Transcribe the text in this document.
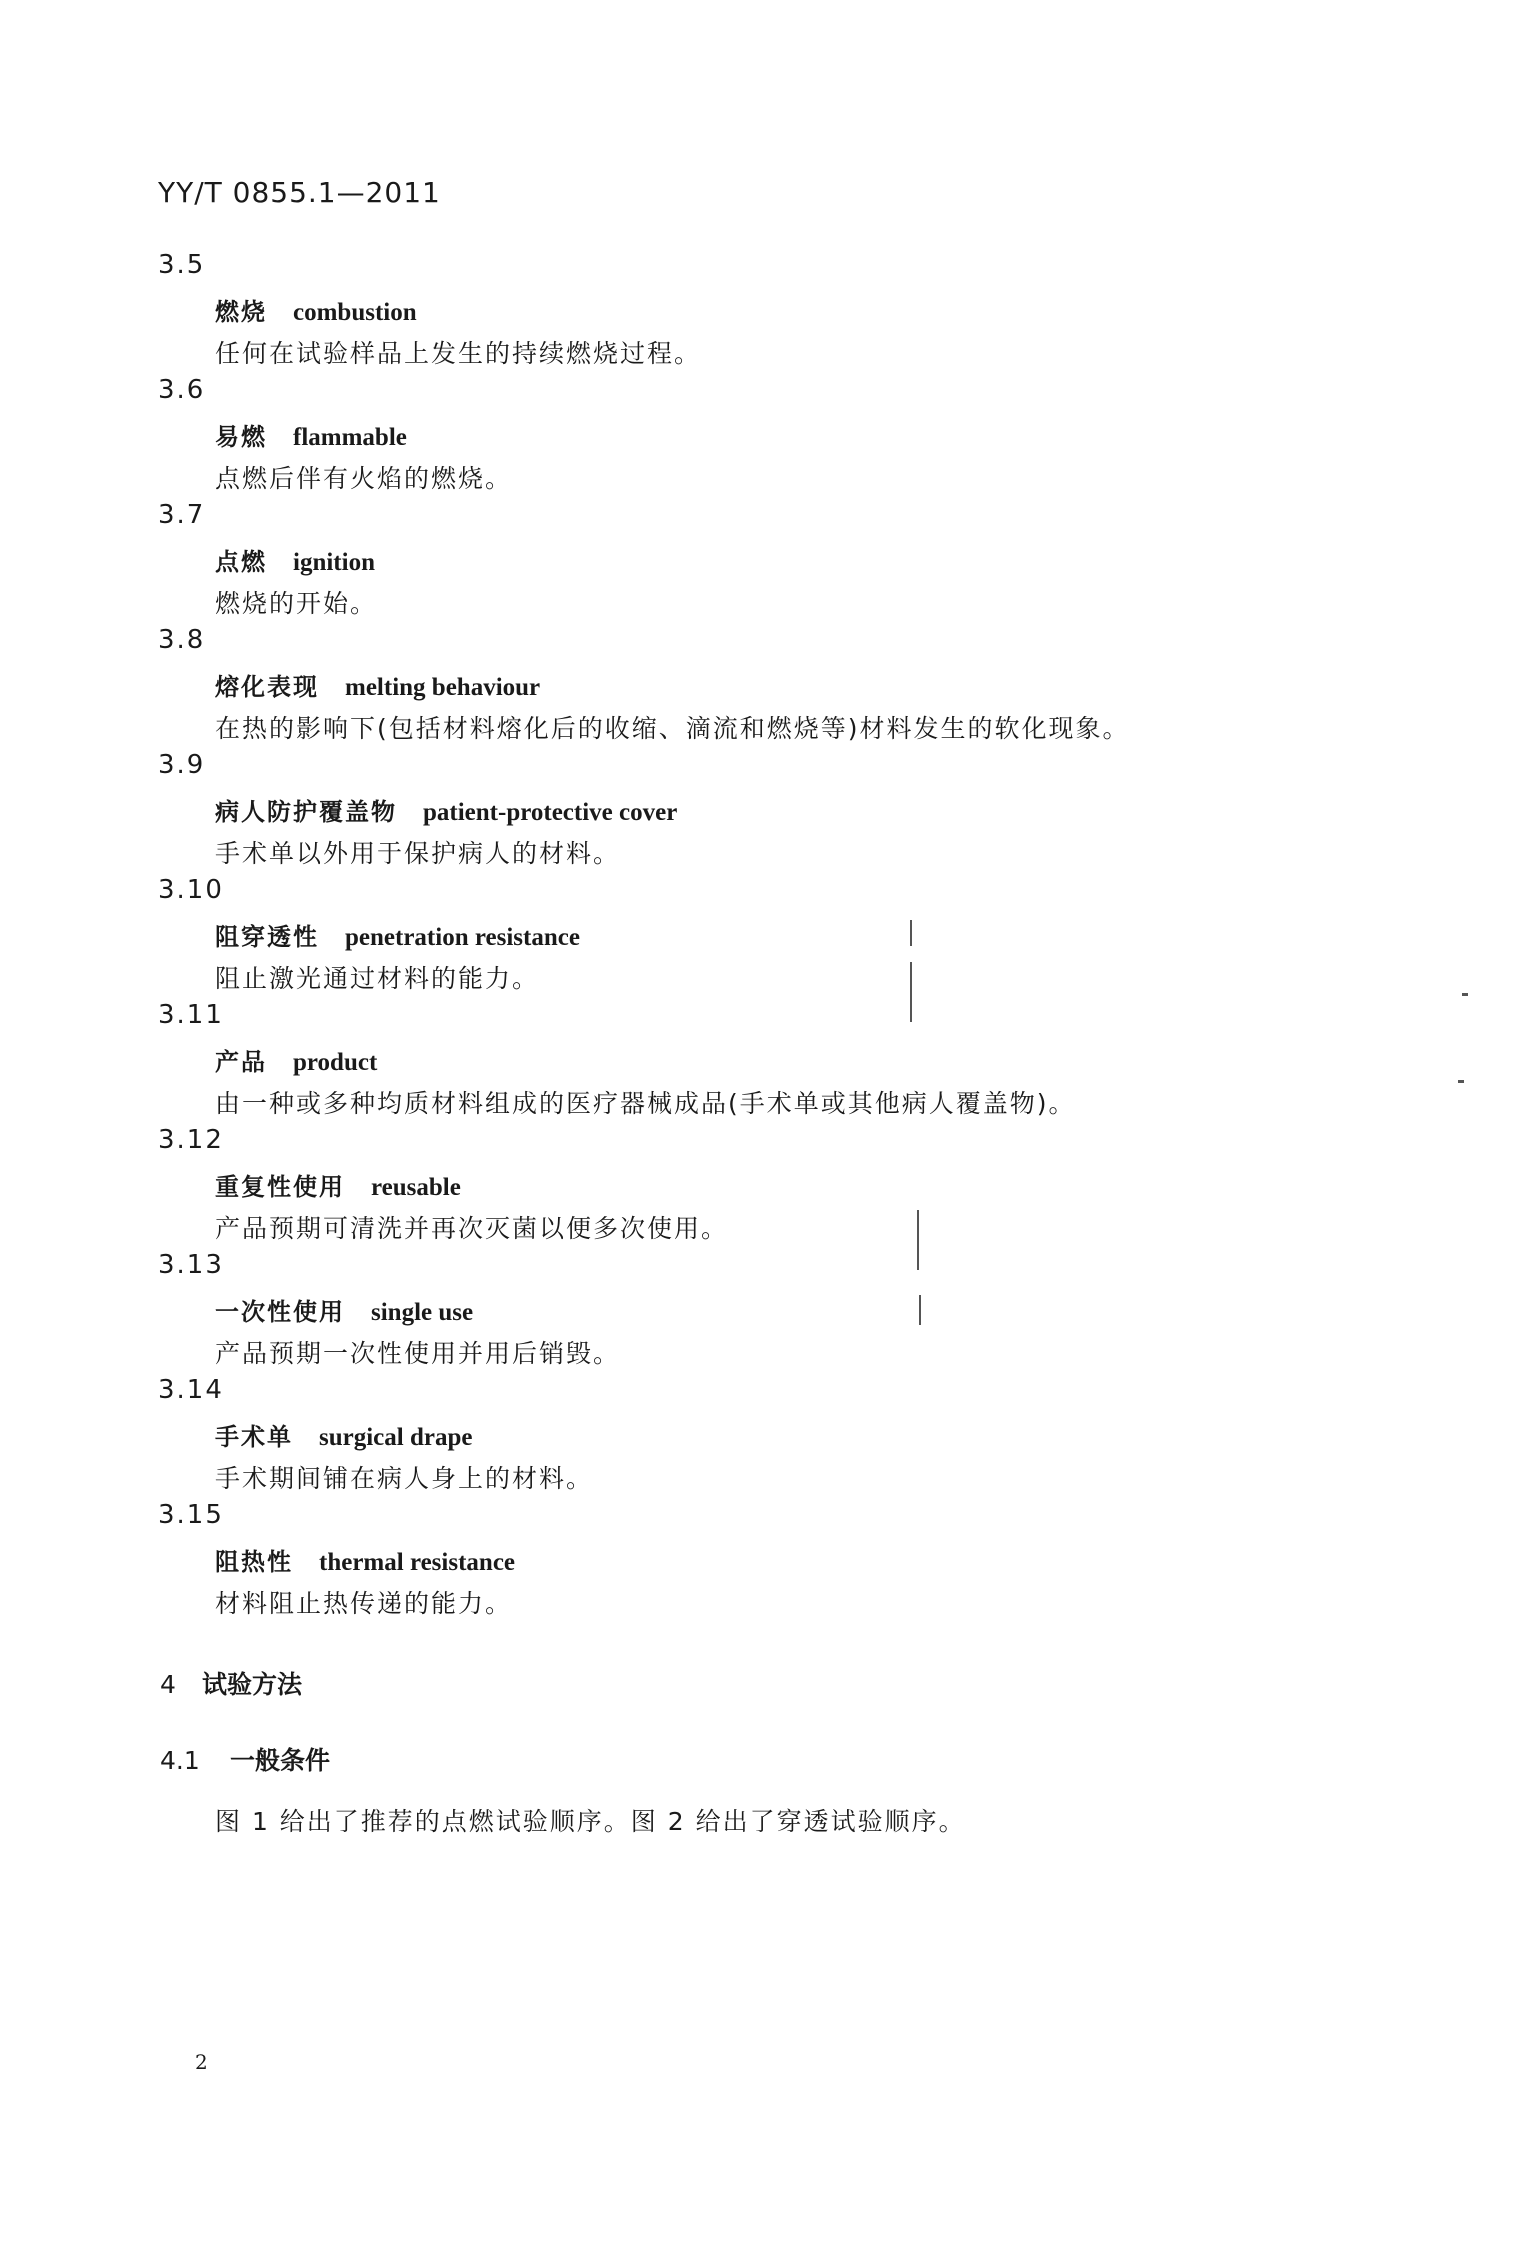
YY/T 0855.1—2011
3.5
燃烧 combustion
任何在试验样品上发生的持续燃烧过程。
3.6
易燃 flammable
点燃后伴有火焰的燃烧。
3.7
点燃 ignition
燃烧的开始。
3.8
熔化表现 melting behaviour
在热的影响下(包括材料熔化后的收缩、滴流和燃烧等)材料发生的软化现象。
3.9
病人防护覆盖物 patient-protective cover
手术单以外用于保护病人的材料。
3.10
阻穿透性 penetration resistance
阻止激光通过材料的能力。
3.11
产品 product
由一种或多种均质材料组成的医疗器械成品(手术单或其他病人覆盖物)。
3.12
重复性使用 reusable
产品预期可清洗并再次灭菌以便多次使用。
3.13
一次性使用 single use
产品预期一次性使用并用后销毁。
3.14
手术单 surgical drape
手术期间铺在病人身上的材料。
3.15
阻热性 thermal resistance
材料阻止热传递的能力。
4 试验方法
4.1 一般条件
图 1 给出了推荐的点燃试验顺序。图 2 给出了穿透试验顺序。
2
